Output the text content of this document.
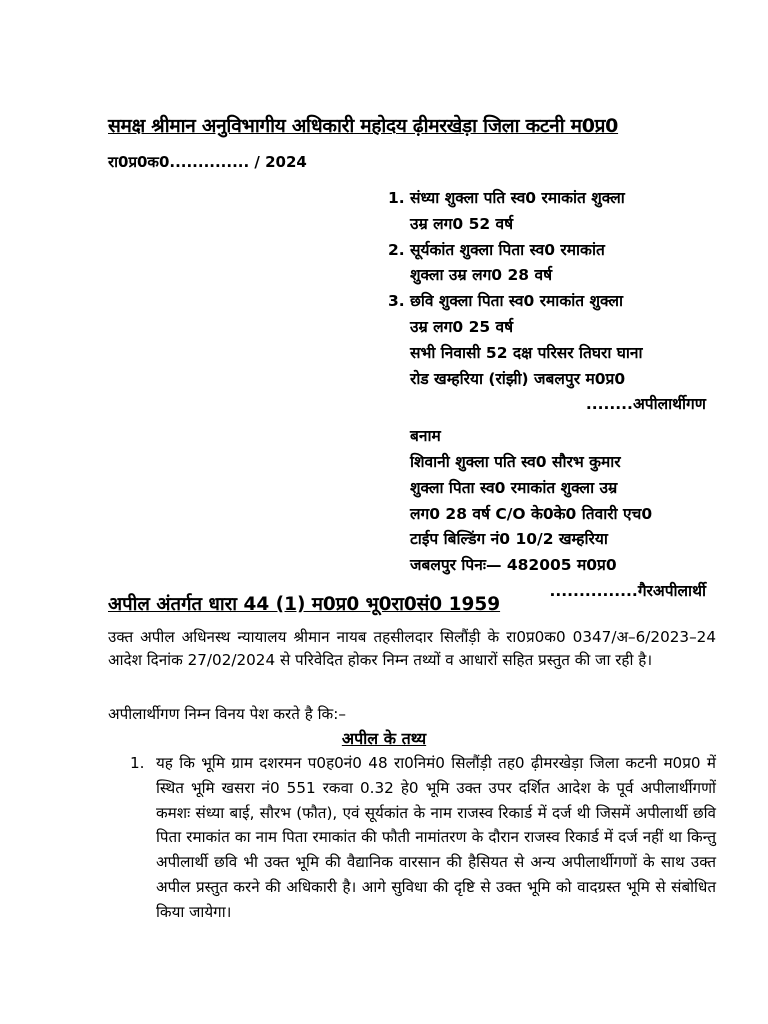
समक्ष श्रीमान अनुविभागीय अधिकारी महोदय ढ़ीमरखेड़ा जिला कटनी म0प्र0
रा0प्र0क0.............. / 2024
1. संध्या शुक्ला पति स्व0 रमाकांत शुक्ला
उम्र लग0 52 वर्ष
2. सूर्यकांत शुक्ला पिता स्व0 रमाकांत
शुक्ला उम्र लग0 28 वर्ष
3. छवि शुक्ला पिता स्व0 रमाकांत शुक्ला
उम्र लग0 25 वर्ष
सभी निवासी 52 दक्ष परिसर तिघरा घाना
रोड खम्हरिया (रांझी) जबलपुर म0प्र0
........अपीलार्थीगण
बनाम
शिवानी शुक्ला पति स्व0 सौरभ कुमार
शुक्ला पिता स्व0 रमाकांत शुक्ला उम्र
लग0 28 वर्ष C/O के0के0 तिवारी एच0
टाईप बिल्डिंग नं0 10/2 खम्हरिया
जबलपुर पिनः— 482005 म0प्र0
...............गैरअपीलार्थी
अपील अंतर्गत धारा 44 (1) म0प्र0 भू0रा0सं0 1959
उक्त अपील अधिनस्थ न्यायालय श्रीमान नायब तहसीलदार सिलौंड़ी के रा0प्र0क0 0347/अ–6/2023–24 आदेश दिनांक 27/02/2024 से परिवेदित होकर निम्न तथ्यों व आधारों सहित प्रस्तुत की जा रही है।
अपीलार्थीगण निम्न विनय पेश करते है कि:–
अपील के तथ्य
1. यह कि भूमि ग्राम दशरमन प0ह0नं0 48 रा0निमं0 सिलौंड़ी तह0 ढ़ीमरखेड़ा जिला कटनी म0प्र0 में स्थित भूमि खसरा नं0 551 रकवा 0.32 हे0 भूमि उक्त उपर दर्शित आदेश के पूर्व अपीलार्थीगणों कमशः संध्या बाई, सौरभ (फौत), एवं सूर्यकांत के नाम राजस्व रिकार्ड में दर्ज थी जिसमें अपीलार्थी छवि पिता रमाकांत का नाम पिता रमाकांत की फौती नामांतरण के दौरान राजस्व रिकार्ड में दर्ज नहीं था किन्तु अपीलार्थी छवि भी उक्त भूमि की वैद्यानिक वारसान की हैसियत से अन्य अपीलार्थीगणों के साथ उक्त अपील प्रस्तुत करने की अधिकारी है। आगे सुविधा की दृष्टि से उक्त भूमि को वादग्रस्त भूमि से संबोधित किया जायेगा।
